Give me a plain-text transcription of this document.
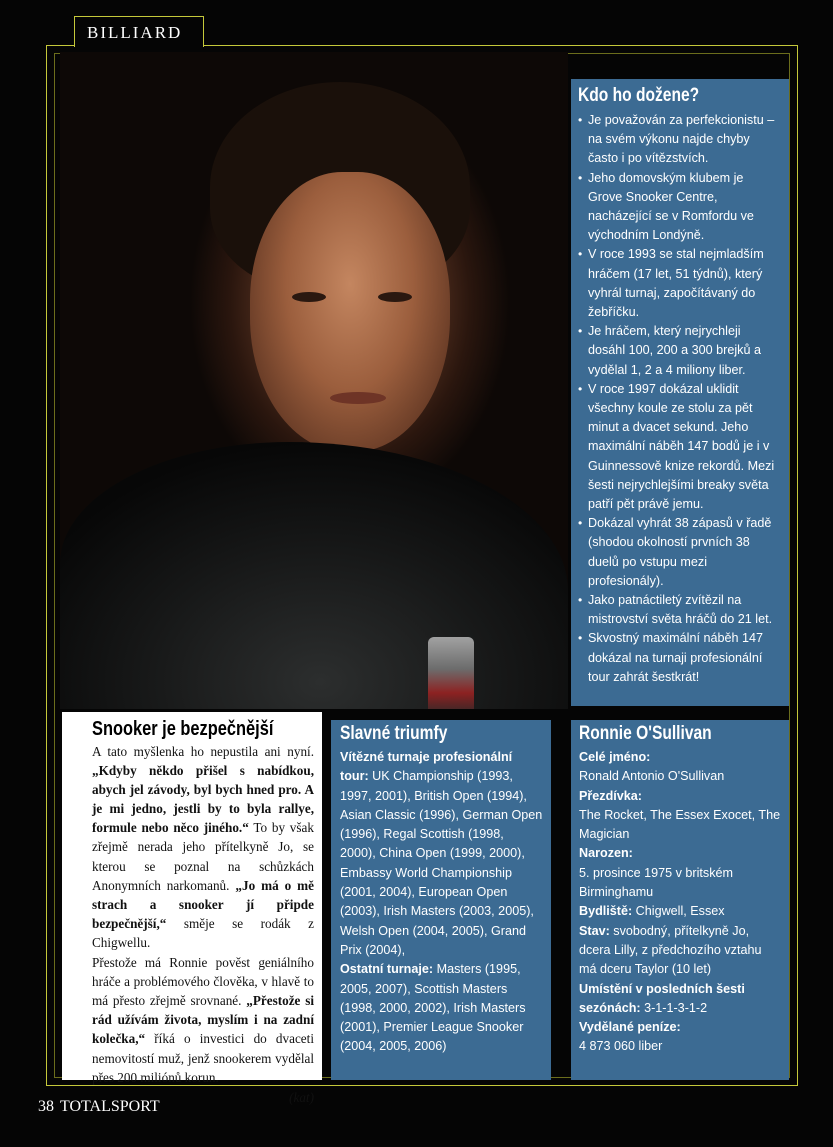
BILLIARD
Kdo ho dožene?
• Je považován za perfekcionistu – na svém výkonu najde chyby často i po vítězstvích.
• Jeho domovským klubem je Grove Snooker Centre, nacházející se v Romfordu ve východním Londýně.
• V roce 1993 se stal nejmladším hráčem (17 let, 51 týdnů), který vyhrál turnaj, započítávaný do žebříčku.
• Je hráčem, který nejrychleji dosáhl 100, 200 a 300 brejků a vydělal 1, 2 a 4 miliony liber.
• V roce 1997 dokázal uklidit všechny koule ze stolu za pět minut a dvacet sekund. Jeho maximální náběh 147 bodů je i v Guinnessově knize rekordů. Mezi šesti nejrychlejšími breaky světa patří pět právě jemu.
• Dokázal vyhrát 38 zápasů v řadě (shodou okolností prvních 38 duelů po vstupu mezi profesionály).
• Jako patnáctiletý zvítězil na mistrovství světa hráčů do 21 let.
• Skvostný maximální náběh 147 dokázal na turnaji profesionální tour zahrát šestkrát!
Snooker je bezpečnější

A tato myšlenka ho nepustila ani nyní. „Kdyby někdo přišel s nabídkou, abych jel závody, byl bych hned pro. A je mi jedno, jestli by to byla rallye, formule nebo něco jiného.“ To by však zřejmě nerada jeho přítelkyně Jo, se kterou se poznal na schůzkách Anonymních narkomanů. „Jo má o mě strach a snooker jí připde bezpečnější,“ směje se rodák z Chigwellu.

Přestože má Ronnie pověst geniálního hráče a problémového člověka, v hlavě to má přesto zřejmě srovnané. „Přestože si rád užívám života, myslím i na zadní kolečka,“ říká o investici do dvaceti nemovitostí muž, jenž snookerem vydělal přes 200 miliónů korun.

(kat)

Slavné triumfy

Vítězné turnaje profesionální tour: UK Championship (1993, 1997, 2001), British Open (1994), Asian Classic (1996), German Open (1996), Regal Scottish (1998, 2000), China Open (1999, 2000), Embassy World Championship (2001, 2004), European Open (2003), Irish Masters (2003, 2005), Welsh Open (2004, 2005), Grand Prix (2004),

Ostatní turnaje: Masters (1995, 2005, 2007), Scottish Masters (1998, 2000, 2002), Irish Masters (2001), Premier League Snooker (2004, 2005, 2006)

Ronnie O'Sullivan
Celé jméno:
Ronald Antonio O'Sullivan
Přezdívka:
The Rocket, The Essex Exocet, The Magician
Narozen:
5. prosince 1975 v britském Birminghamu
Bydliště: Chigwell, Essex
Stav: svobodný, přítelkyně Jo, dcera Lilly, z předchozího vztahu má dceru Taylor (10 let)
Umístění v posledních šesti sezónách: 3-1-1-3-1-2
Vydělané peníze:
4 873 060 liber
38 TOTALSPORT
